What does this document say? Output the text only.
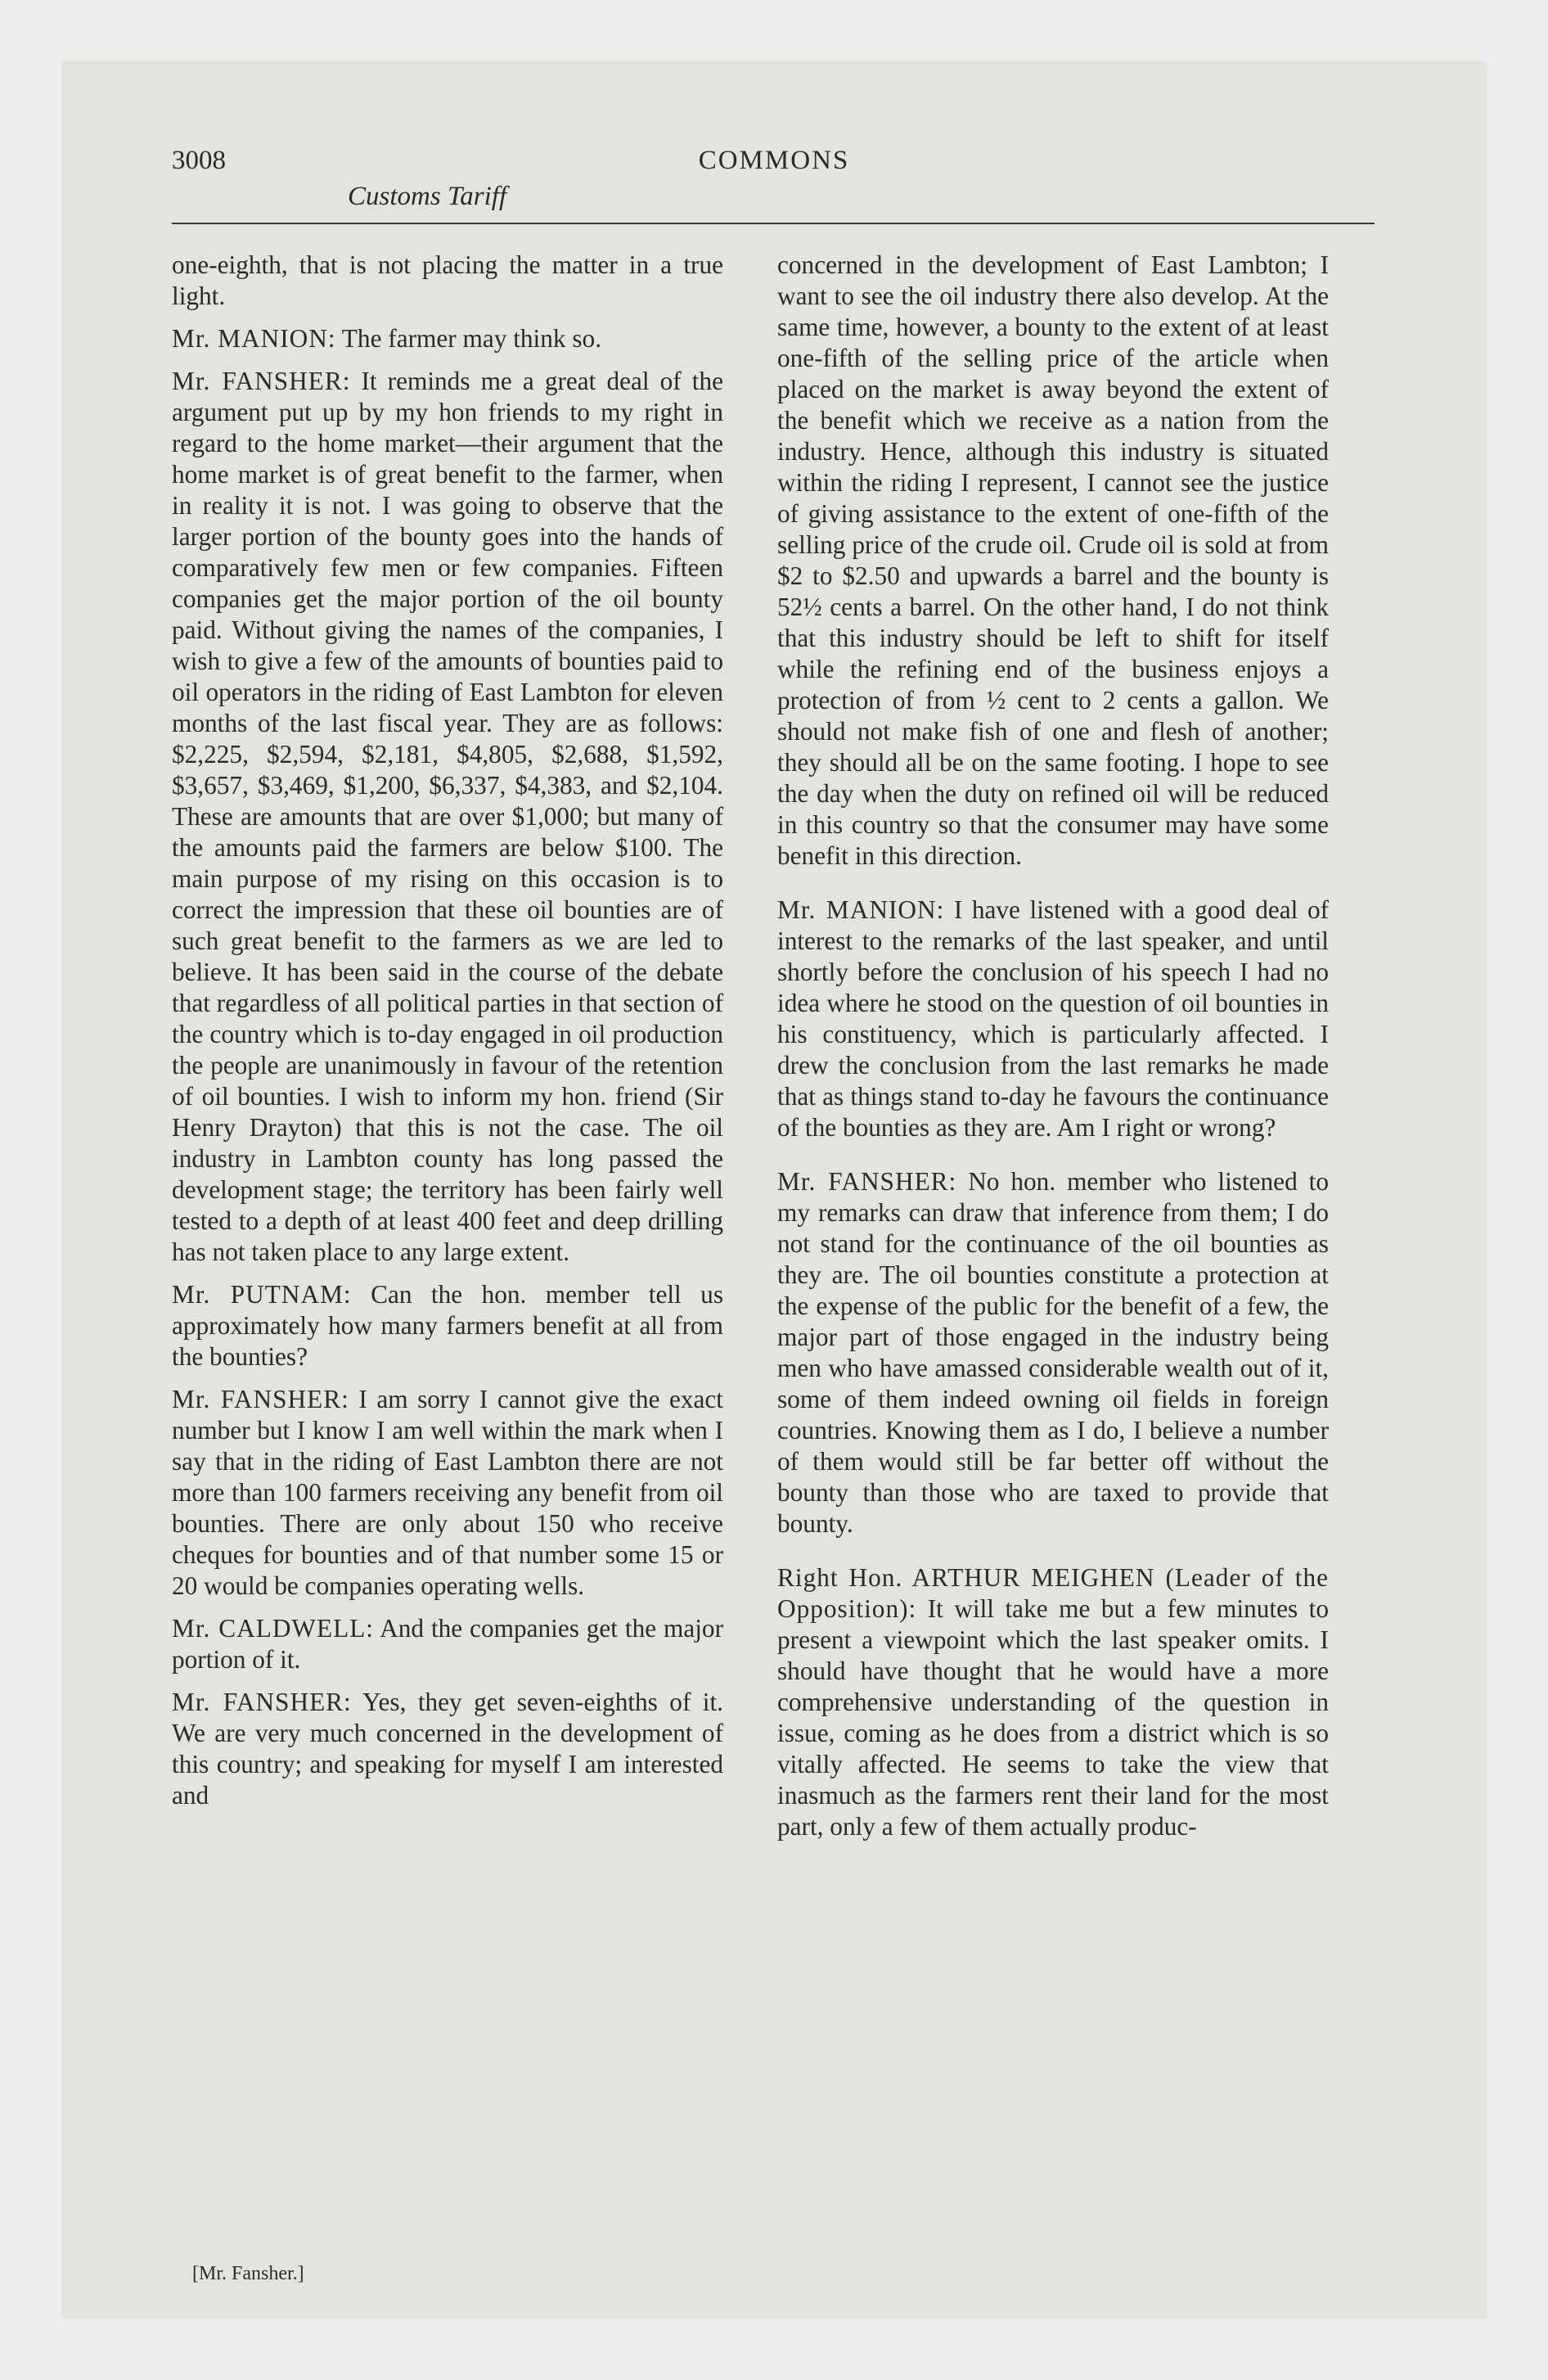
3008	COMMONS
Customs Tariff

one-eighth, that is not placing the matter in a true light.

Mr. MANION: The farmer may think so.

Mr. FANSHER: It reminds me a great deal of the argument put up by my hon friends to my right in regard to the home market—their argument that the home market is of great benefit to the farmer, when in reality it is not. I was going to observe that the larger portion of the bounty goes into the hands of comparatively few men or few companies. Fifteen companies get the major portion of the oil bounty paid. Without giving the names of the companies, I wish to give a few of the amounts of bounties paid to oil operators in the riding of East Lambton for eleven months of the last fiscal year. They are as follows: $2,225, $2,594, $2,181, $4,805, $2,688, $1,592, $3,657, $3,469, $1,200, $6,337, $4,383, and $2,104. These are amounts that are over $1,000; but many of the amounts paid the farmers are below $100. The main purpose of my rising on this occasion is to correct the impression that these oil bounties are of such great benefit to the farmers as we are led to believe. It has been said in the course of the debate that regardless of all political parties in that section of the country which is to-day engaged in oil production the people are unanimously in favour of the retention of oil bounties. I wish to inform my hon. friend (Sir Henry Drayton) that this is not the case. The oil industry in Lambton county has long passed the development stage; the territory has been fairly well tested to a depth of at least 400 feet and deep drilling has not taken place to any large extent.

Mr. PUTNAM: Can the hon. member tell us approximately how many farmers benefit at all from the bounties?

Mr. FANSHER: I am sorry I cannot give the exact number but I know I am well within the mark when I say that in the riding of East Lambton there are not more than 100 farmers receiving any benefit from oil bounties. There are only about 150 who receive cheques for bounties and of that number some 15 or 20 would be companies operating wells.

Mr. CALDWELL: And the companies get the major portion of it.

Mr. FANSHER: Yes, they get seven-eighths of it. We are very much concerned in the development of this country; and speaking for myself I am interested and

concerned in the development of East Lambton; I want to see the oil industry there also develop. At the same time, however, a bounty to the extent of at least one-fifth of the selling price of the article when placed on the market is away beyond the extent of the benefit which we receive as a nation from the industry. Hence, although this industry is situated within the riding I represent, I cannot see the justice of giving assistance to the extent of one-fifth of the selling price of the crude oil. Crude oil is sold at from $2 to $2.50 and upwards a barrel and the bounty is 52½ cents a barrel. On the other hand, I do not think that this industry should be left to shift for itself while the refining end of the business enjoys a protection of from ½ cent to 2 cents a gallon. We should not make fish of one and flesh of another; they should all be on the same footing. I hope to see the day when the duty on refined oil will be reduced in this country so that the consumer may have some benefit in this direction.

Mr. MANION: I have listened with a good deal of interest to the remarks of the last speaker, and until shortly before the conclusion of his speech I had no idea where he stood on the question of oil bounties in his constituency, which is particularly affected. I drew the conclusion from the last remarks he made that as things stand to-day he favours the continuance of the bounties as they are. Am I right or wrong?

Mr. FANSHER: No hon. member who listened to my remarks can draw that inference from them; I do not stand for the continuance of the oil bounties as they are. The oil bounties constitute a protection at the expense of the public for the benefit of a few, the major part of those engaged in the industry being men who have amassed considerable wealth out of it, some of them indeed owning oil fields in foreign countries. Knowing them as I do, I believe a number of them would still be far better off without the bounty than those who are taxed to provide that bounty.

Right Hon. ARTHUR MEIGHEN (Leader of the Opposition): It will take me but a few minutes to present a viewpoint which the last speaker omits. I should have thought that he would have a more comprehensive understanding of the question in issue, coming as he does from a district which is so vitally affected. He seems to take the view that inasmuch as the farmers rent their land for the most part, only a few of them actually produc-

[Mr. Fansher.]
